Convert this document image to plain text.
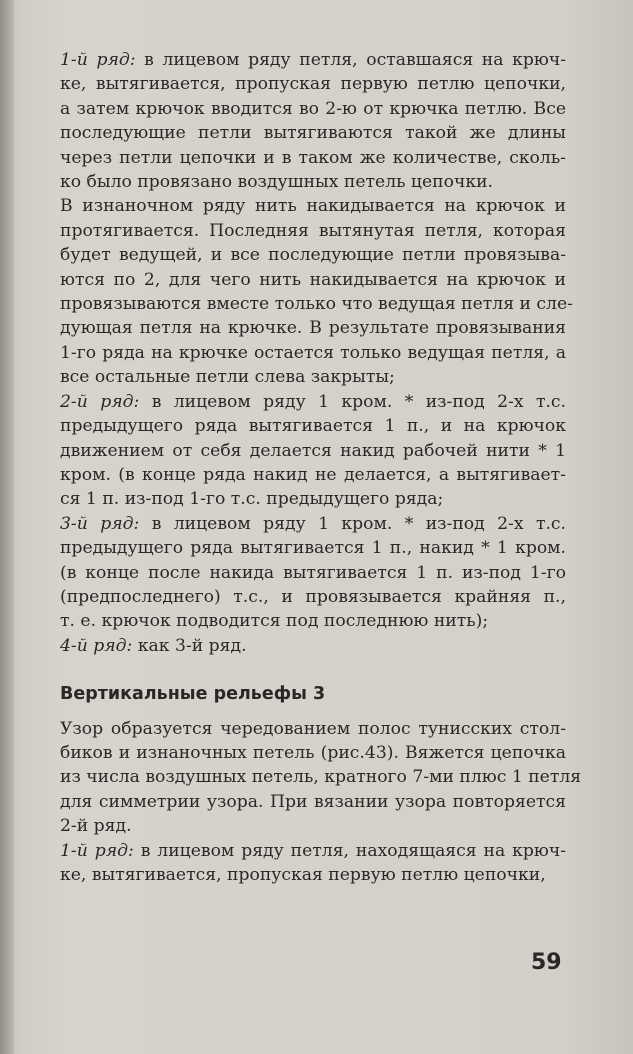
1-й ряд: в лицевом ряду петля, оставшаяся на крюч-
ке, вытягивается, пропуская первую петлю цепочки,
а затем крючок вводится во 2-ю от крючка петлю. Все
последующие петли вытягиваются такой же длины
через петли цепочки и в таком же количестве, сколь-
ко было провязано воздушных петель цепочки.
В изнаночном ряду нить накидывается на крючок и
протягивается. Последняя вытянутая петля, которая
будет ведущей, и все последующие петли провязыва-
ются по 2, для чего нить накидывается на крючок и
провязываются вместе только что ведущая петля и сле-
дующая петля на крючке. В результате провязывания
1-го ряда на крючке остается только ведущая петля, а
все остальные петли слева закрыты;
2-й ряд: в лицевом ряду 1 кром. * из-под 2-х т.с.
предыдущего ряда вытягивается 1 п., и на крючок
движением от себя делается накид рабочей нити * 1
кром. (в конце ряда накид не делается, а вытягивает-
ся 1 п. из-под 1-го т.с. предыдущего ряда;
3-й ряд: в лицевом ряду 1 кром. * из-под 2-х т.с.
предыдущего ряда вытягивается 1 п., накид * 1 кром.
(в конце после накида вытягивается 1 п. из-под 1-го
(предпоследнего) т.с., и провязывается крайняя п.,
т. е. крючок подводится под последнюю нить);
4-й ряд: как 3-й ряд.
Вертикальные рельефы 3
Узор образуется чередованием полос тунисских стол-
биков и изнаночных петель (рис.43). Вяжется цепочка
из числа воздушных петель, кратного 7-ми плюс 1 петля
для симметрии узора. При вязании узора повторяется
2-й ряд.
1-й ряд: в лицевом ряду петля, находящаяся на крюч-
ке, вытягивается, пропуская первую петлю цепочки,
59
